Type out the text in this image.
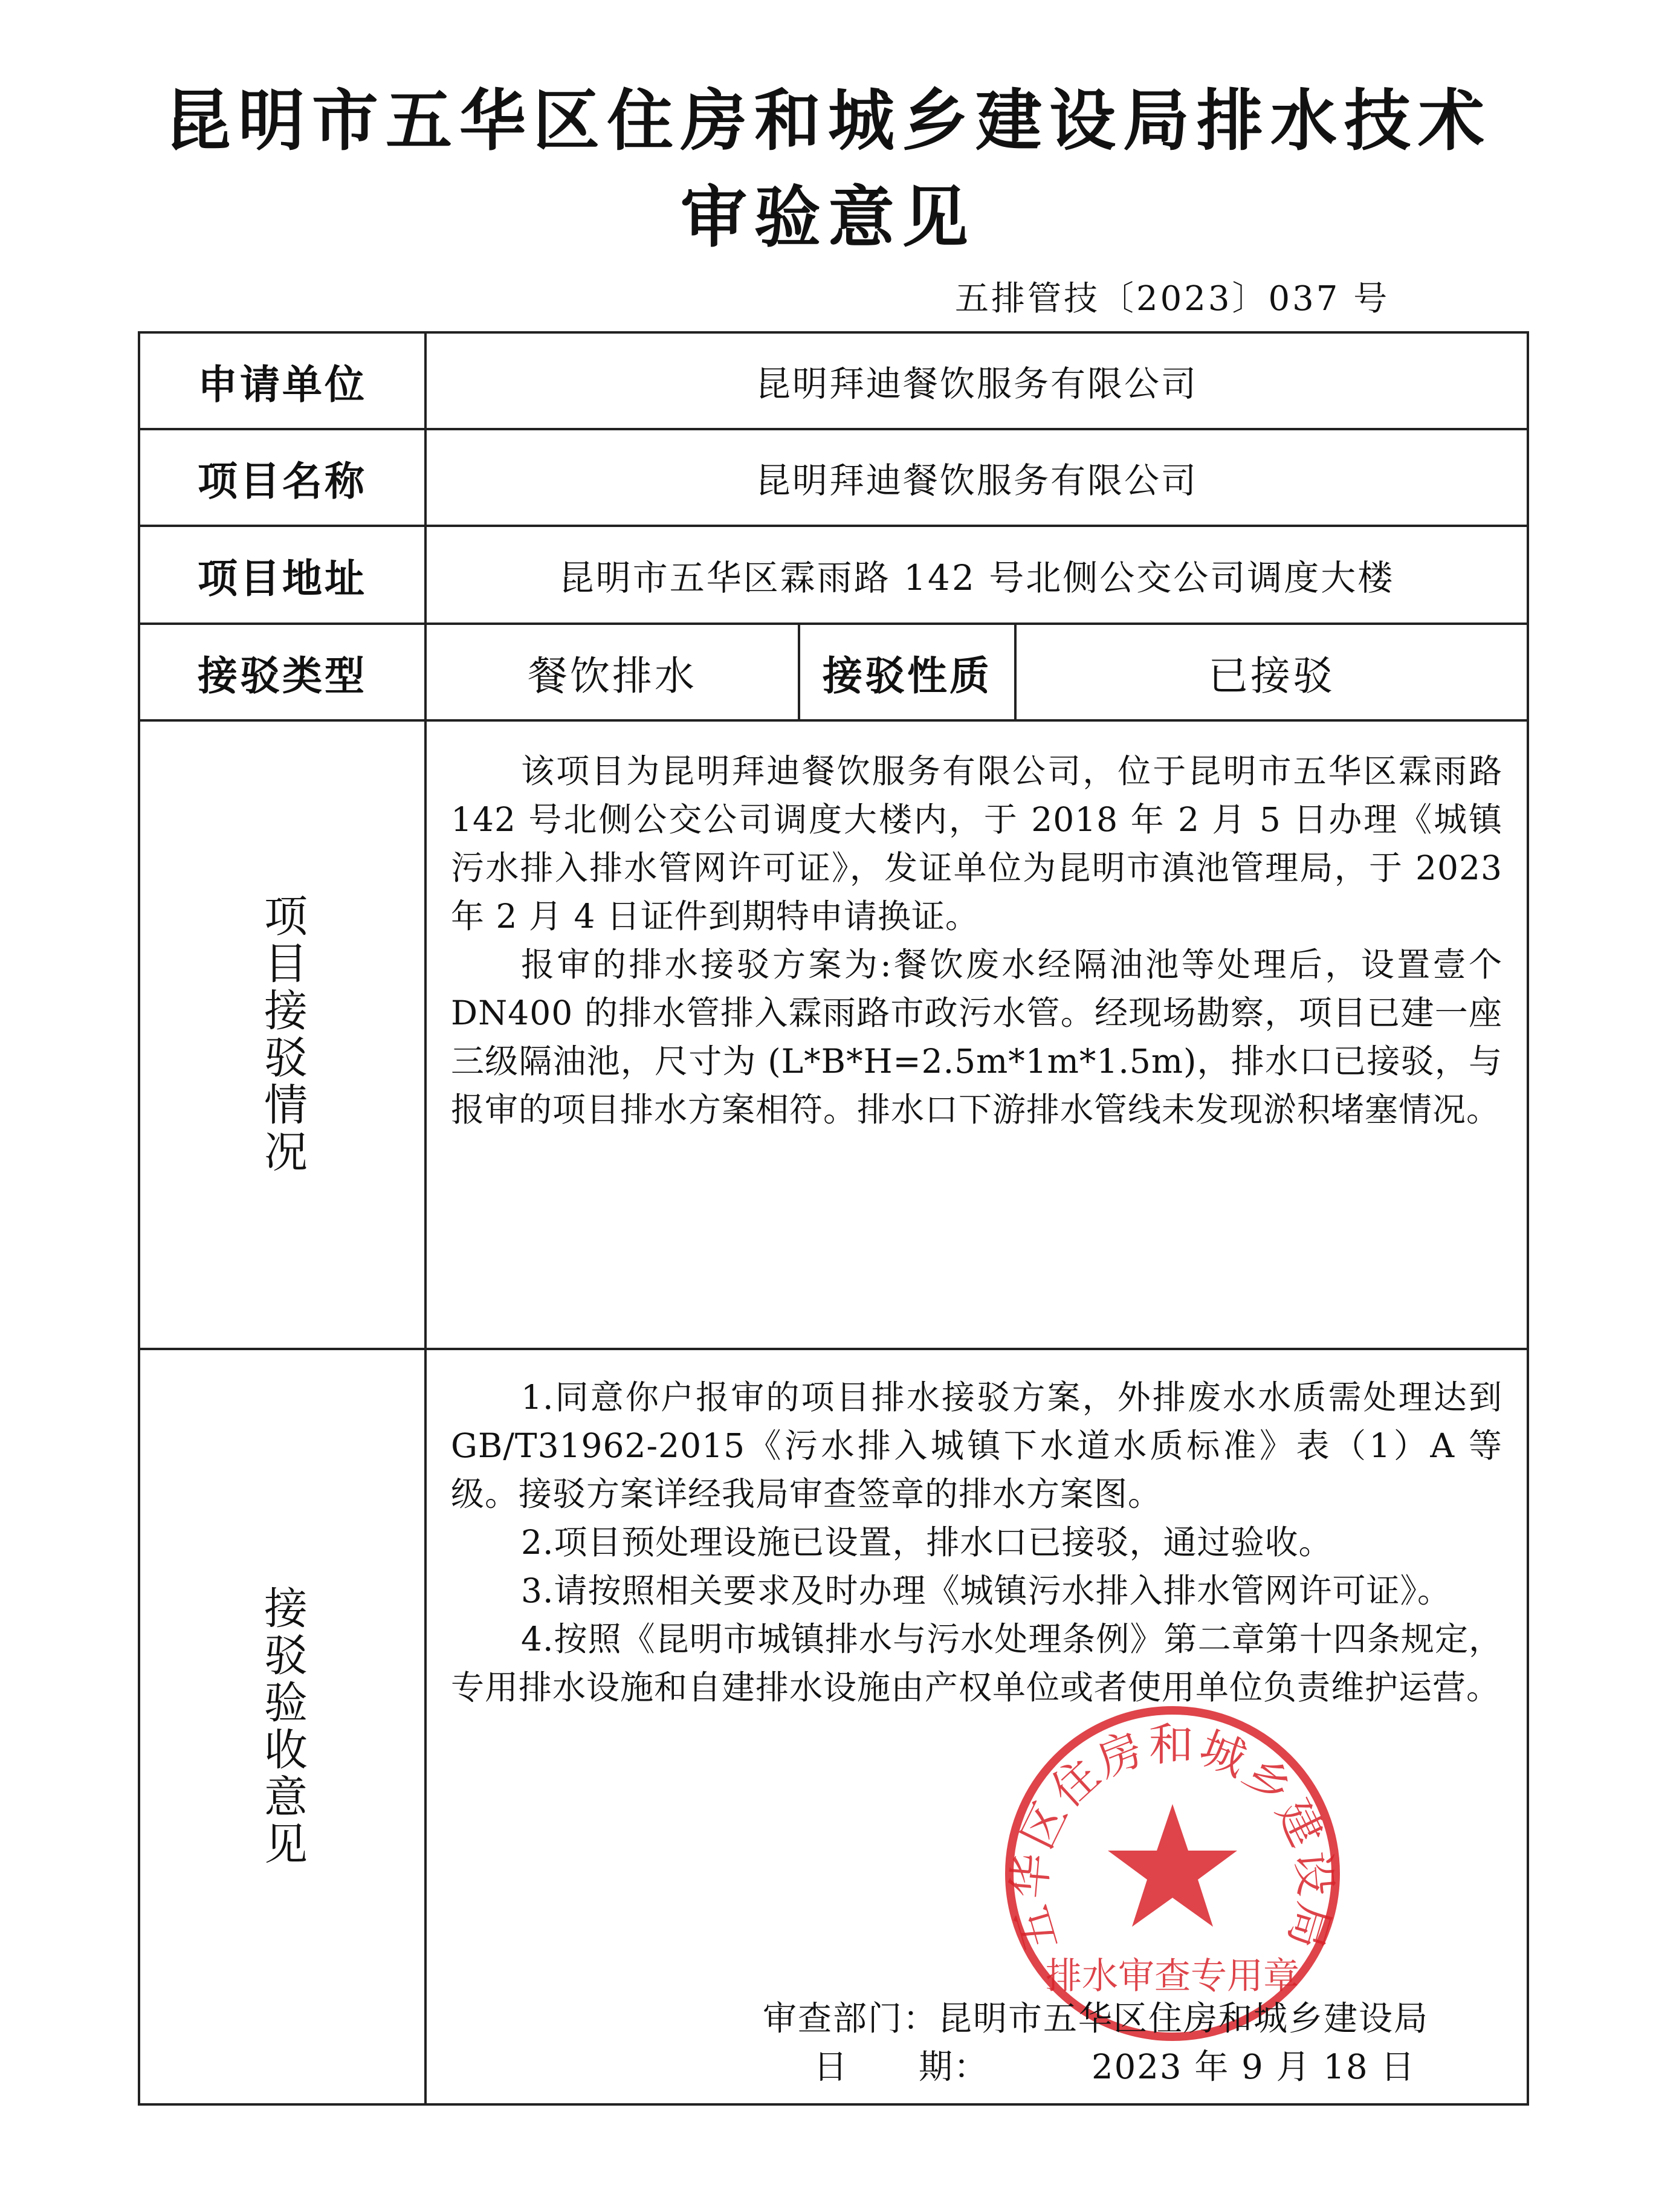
昆明市五华区住房和城乡建设局排水技术
审验意见
五排管技〔2023〕037 号
申请单位	昆明拜迪餐饮服务有限公司		
项目名称	昆明拜迪餐饮服务有限公司		
项目地址	昆明市五华区霖雨路 142 号北侧公交公司调度大楼		
接驳类型	餐饮排水	接驳性质	已接驳

项目接驳情况	该项目为昆明拜迪餐饮服务有限公司，位于昆明市五华区霖雨路 142 号北侧公交公司调度大楼内，于 2018 年 2 月 5 日办理《城镇污水排入排水管网许可证》，发证单位为昆明市滇池管理局，于 2023 年 2 月 4 日证件到期特申请换证。

报审的排水接驳方案为:餐饮废水经隔油池等处理后，设置壹个 DN400 的排水管排入霖雨路市政污水管。经现场勘察，项目已建一座三级隔油池，尺寸为 (L*B*H=2.5m*1m*1.5m)，排水口已接驳，与报审的项目排水方案相符。排水口下游排水管线未发现淤积堵塞情况。		

接驳验收意见	1.同意你户报审的项目排水接驳方案，外排废水水质需处理达到 GB/T31962-2015《污水排入城镇下水道水质标准》表（1）A 等级。接驳方案详经我局审查签章的排水方案图。

2.项目预处理设施已设置，排水口已接驳，通过验收。

3.请按照相关要求及时办理《城镇污水排入排水管网许可证》。

4.按照《昆明市城镇排水与污水处理条例》第二章第十四条规定，专用排水设施和自建排水设施由产权单位或者使用单位负责维护运营。		

五华区住房和城乡建设局
排水审查专用章
审查部门：昆明市五华区住房和城乡建设局
日　　期：	2023 年 9 月 18 日
